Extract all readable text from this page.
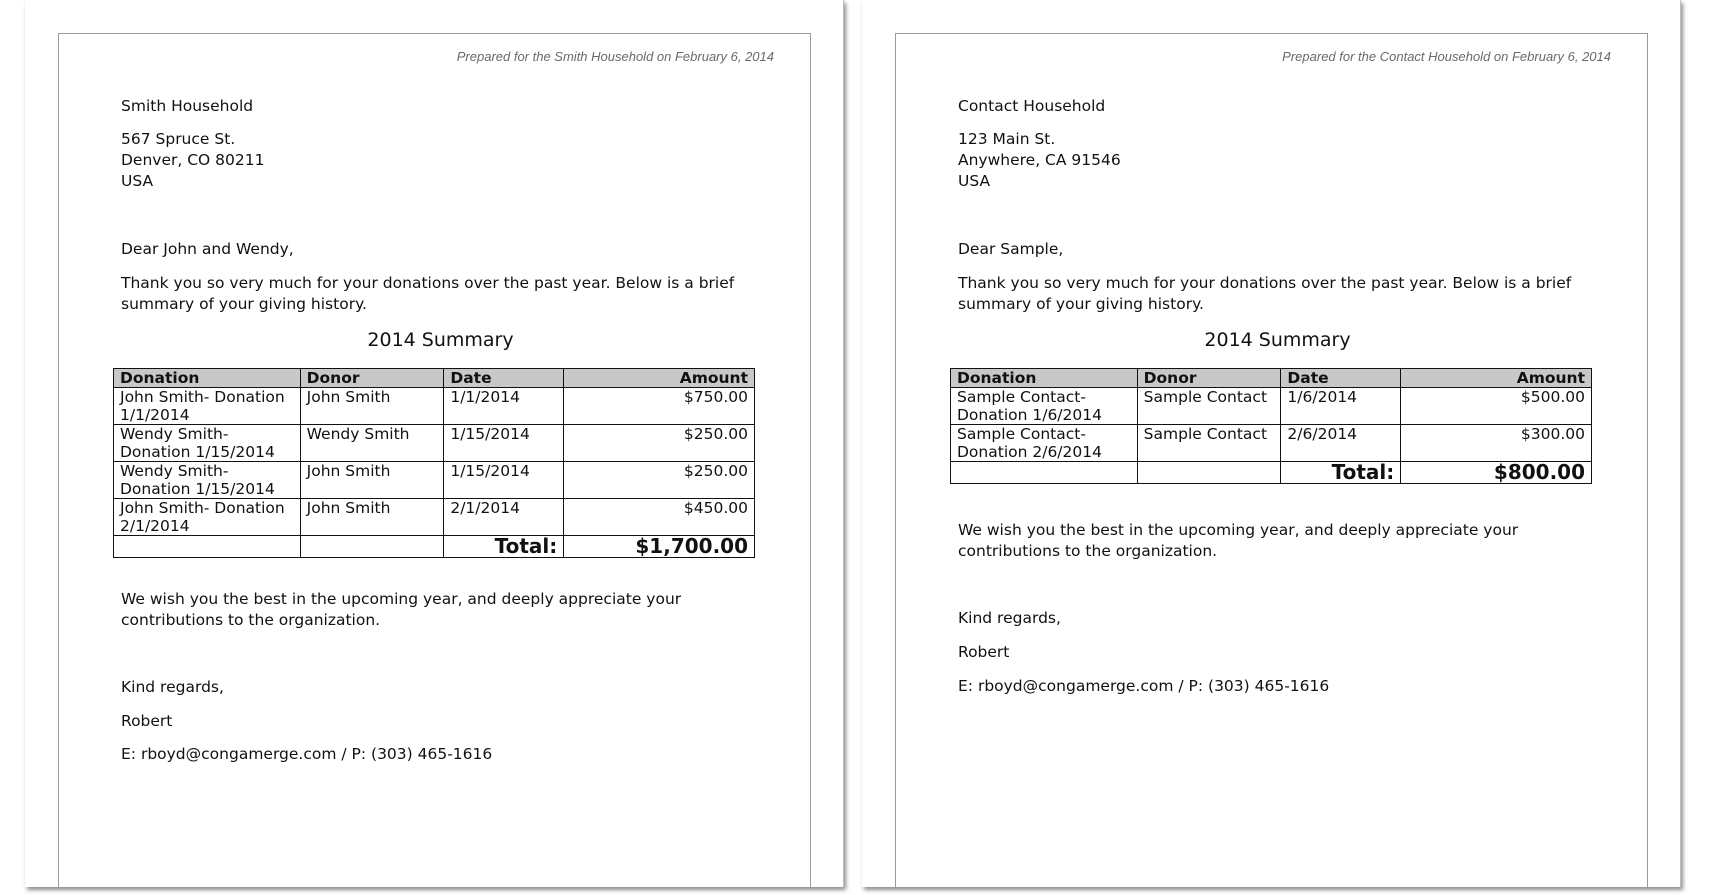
Prepared for the Smith Household on February 6, 2014
Smith Household
567 Spruce St.
Denver, CO 80211
USA
Dear John and Wendy,
Thank you so very much for your donations over the past year. Below is a brief
summary of your giving history.
2014 Summary
Donation	Donor	Date	Amount
John Smith- Donation 1/1/2014	John Smith	1/1/2014	$750.00
Wendy Smith- Donation 1/15/2014	Wendy Smith	1/15/2014	$250.00
Wendy Smith- Donation 1/15/2014	John Smith	1/15/2014	$250.00
John Smith- Donation 2/1/2014	John Smith	2/1/2014	$450.00
		Total:	$1,700.00
We wish you the best in the upcoming year, and deeply appreciate your
contributions to the organization.
Kind regards,
Robert
E: rboyd@congamerge.com / P: (303) 465-1616
Prepared for the Contact Household on February 6, 2014
Contact Household
123 Main St.
Anywhere, CA 91546
USA
Dear Sample,
Thank you so very much for your donations over the past year. Below is a brief
summary of your giving history.
2014 Summary
Donation	Donor	Date	Amount
Sample Contact- Donation 1/6/2014	Sample Contact	1/6/2014	$500.00
Sample Contact- Donation 2/6/2014	Sample Contact	2/6/2014	$300.00
		Total:	$800.00
We wish you the best in the upcoming year, and deeply appreciate your
contributions to the organization.
Kind regards,
Robert
E: rboyd@congamerge.com / P: (303) 465-1616
